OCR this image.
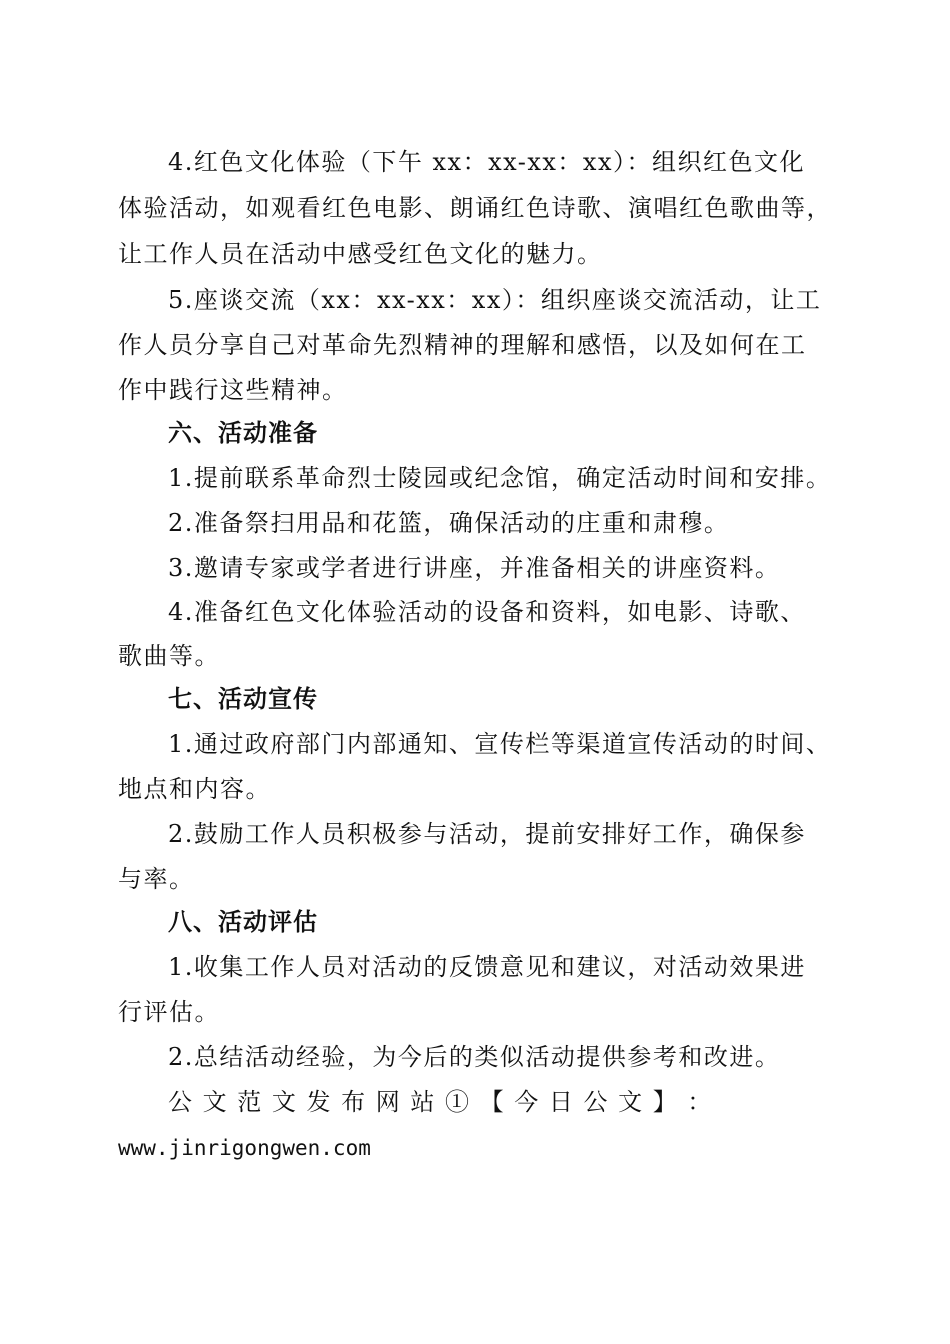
4.红色文化体验（下午 xx：xx-xx：xx）：组织红色文化
体验活动，如观看红色电影、朗诵红色诗歌、演唱红色歌曲等，
让工作人员在活动中感受红色文化的魅力。
5.座谈交流（xx：xx-xx：xx）：组织座谈交流活动，让工
作人员分享自己对革命先烈精神的理解和感悟，以及如何在工
作中践行这些精神。
六、活动准备
1.提前联系革命烈士陵园或纪念馆，确定活动时间和安排。
2.准备祭扫用品和花篮，确保活动的庄重和肃穆。
3.邀请专家或学者进行讲座，并准备相关的讲座资料。
4.准备红色文化体验活动的设备和资料，如电影、诗歌、
歌曲等。
七、活动宣传
1.通过政府部门内部通知、宣传栏等渠道宣传活动的时间、
地点和内容。
2.鼓励工作人员积极参与活动，提前安排好工作，确保参
与率。
八、活动评估
1.收集工作人员对活动的反馈意见和建议，对活动效果进
行评估。
2.总结活动经验，为今后的类似活动提供参考和改进。
公 文 范 文 发 布 网 站 ① 【 今 日 公 文 】 ：
www.jinrigongwen.com
